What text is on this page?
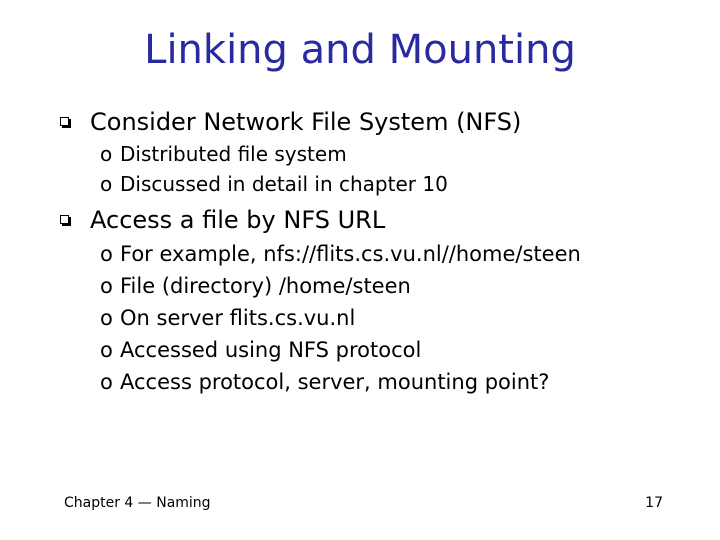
Linking and Mounting
Consider Network File System (NFS)
o Distributed file system
o Discussed in detail in chapter 10
Access a file by NFS URL
o For example, nfs://flits.cs.vu.nl//home/steen
o File (directory) /home/steen
o On server flits.cs.vu.nl
o Accessed using NFS protocol
o Access protocol, server, mounting point?
Chapter 4 — Naming	17
